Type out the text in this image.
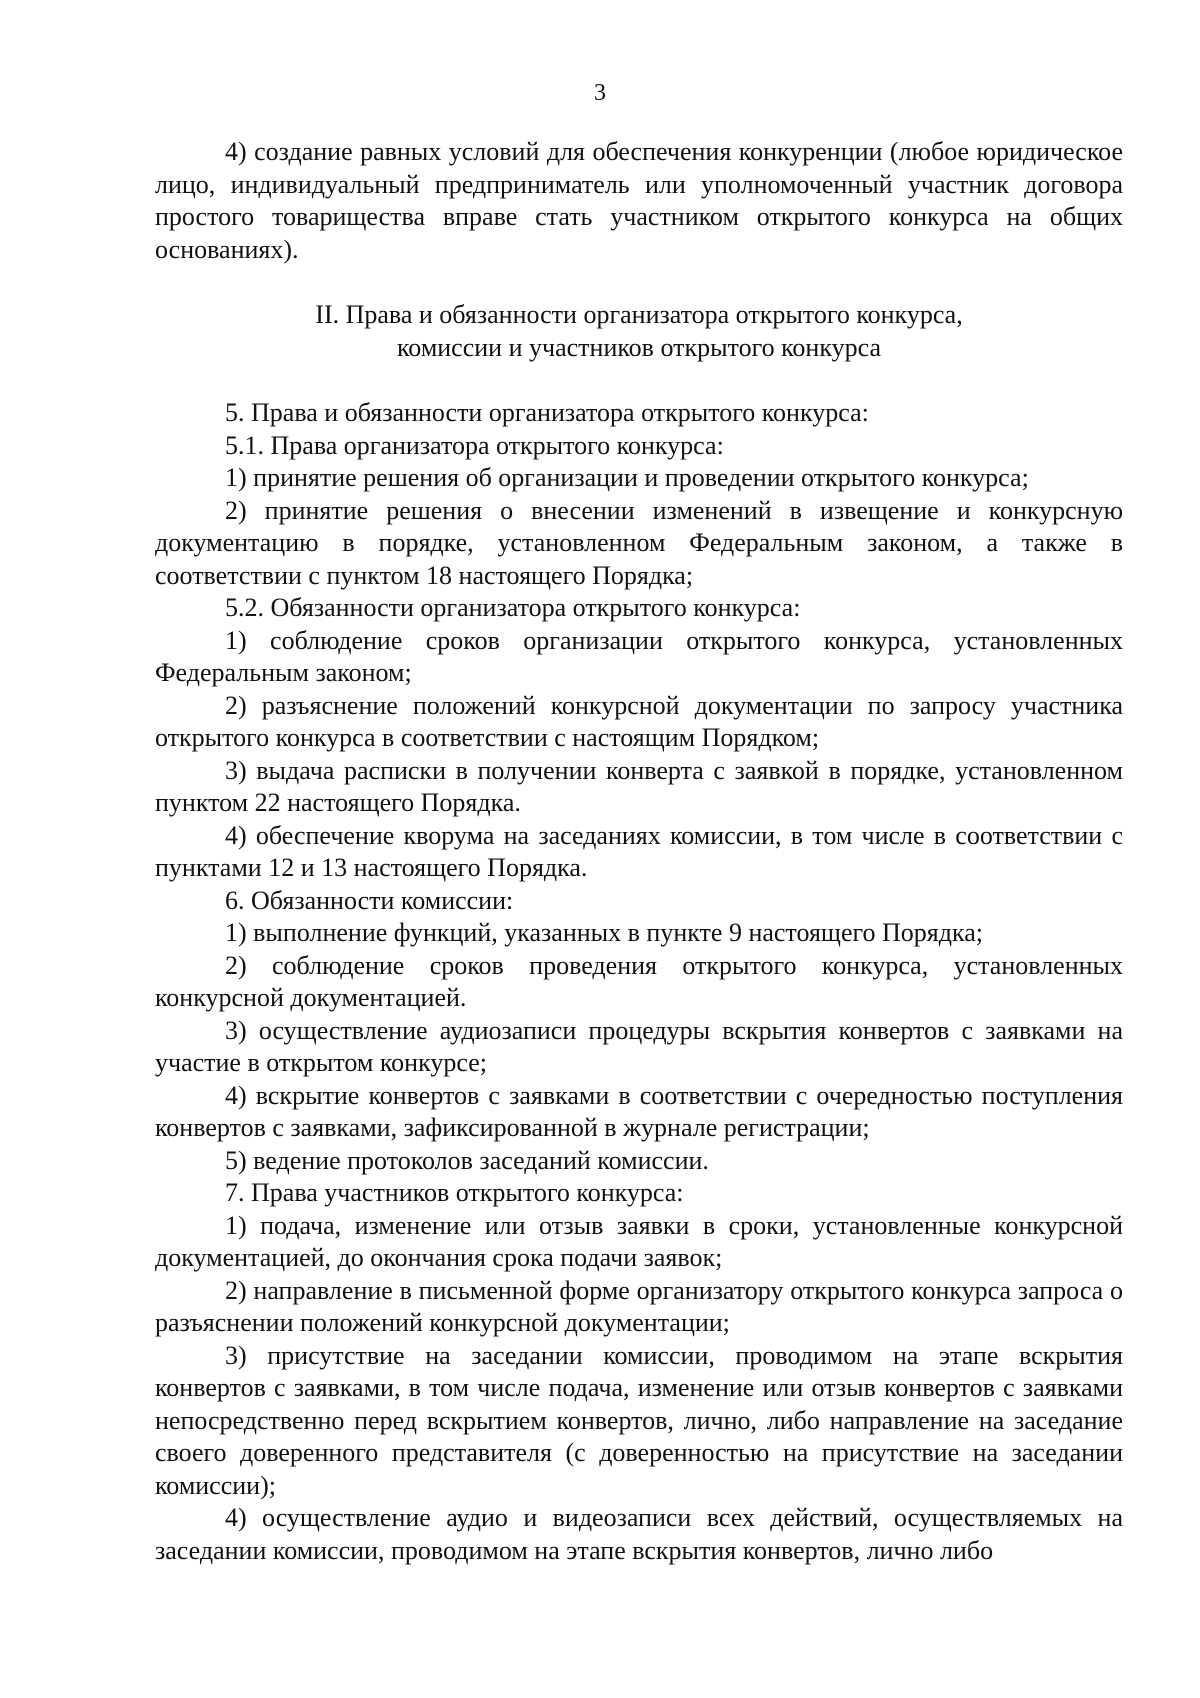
3

4) создание равных условий для обеспечения конкуренции (любое юридическое лицо, индивидуальный предприниматель или уполномоченный участник договора простого товарищества вправе стать участником открытого конкурса на общих основаниях).

II. Права и обязанности организатора открытого конкурса,
комиссии и участников открытого конкурса

5. Права и обязанности организатора открытого конкурса:

5.1. Права организатора открытого конкурса:

1) принятие решения об организации и проведении открытого конкурса;

2) принятие решения о внесении изменений в извещение и конкурсную документацию в порядке, установленном Федеральным законом, а также в соответствии с пунктом 18 настоящего Порядка;

5.2. Обязанности организатора открытого конкурса:

1) соблюдение сроков организации открытого конкурса, установленных Федеральным законом;

2) разъяснение положений конкурсной документации по запросу участника открытого конкурса в соответствии с настоящим Порядком;

3) выдача расписки в получении конверта с заявкой в порядке, установленном пунктом 22 настоящего Порядка.

4) обеспечение кворума на заседаниях комиссии, в том числе в соответствии с пунктами 12 и 13 настоящего Порядка.

6. Обязанности комиссии:

1) выполнение функций, указанных в пункте 9 настоящего Порядка;

2) соблюдение сроков проведения открытого конкурса, установленных конкурсной документацией.

3) осуществление аудиозаписи процедуры вскрытия конвертов с заявками на участие в открытом конкурсе;

4) вскрытие конвертов с заявками в соответствии с очередностью поступления конвертов с заявками, зафиксированной в журнале регистрации;

5) ведение протоколов заседаний комиссии.

7. Права участников открытого конкурса:

1) подача, изменение или отзыв заявки в сроки, установленные конкурсной документацией, до окончания срока подачи заявок;

2) направление в письменной форме организатору открытого конкурса запроса о разъяснении положений конкурсной документации;

3) присутствие на заседании комиссии, проводимом на этапе вскрытия конвертов с заявками, в том числе подача, изменение или отзыв конвертов с заявками непосредственно перед вскрытием конвертов, лично, либо направление на заседание своего доверенного представителя (с доверенностью на присутствие на заседании комиссии);

4) осуществление аудио и видеозаписи всех действий, осуществляемых на заседании комиссии, проводимом на этапе вскрытия конвертов, лично либо
